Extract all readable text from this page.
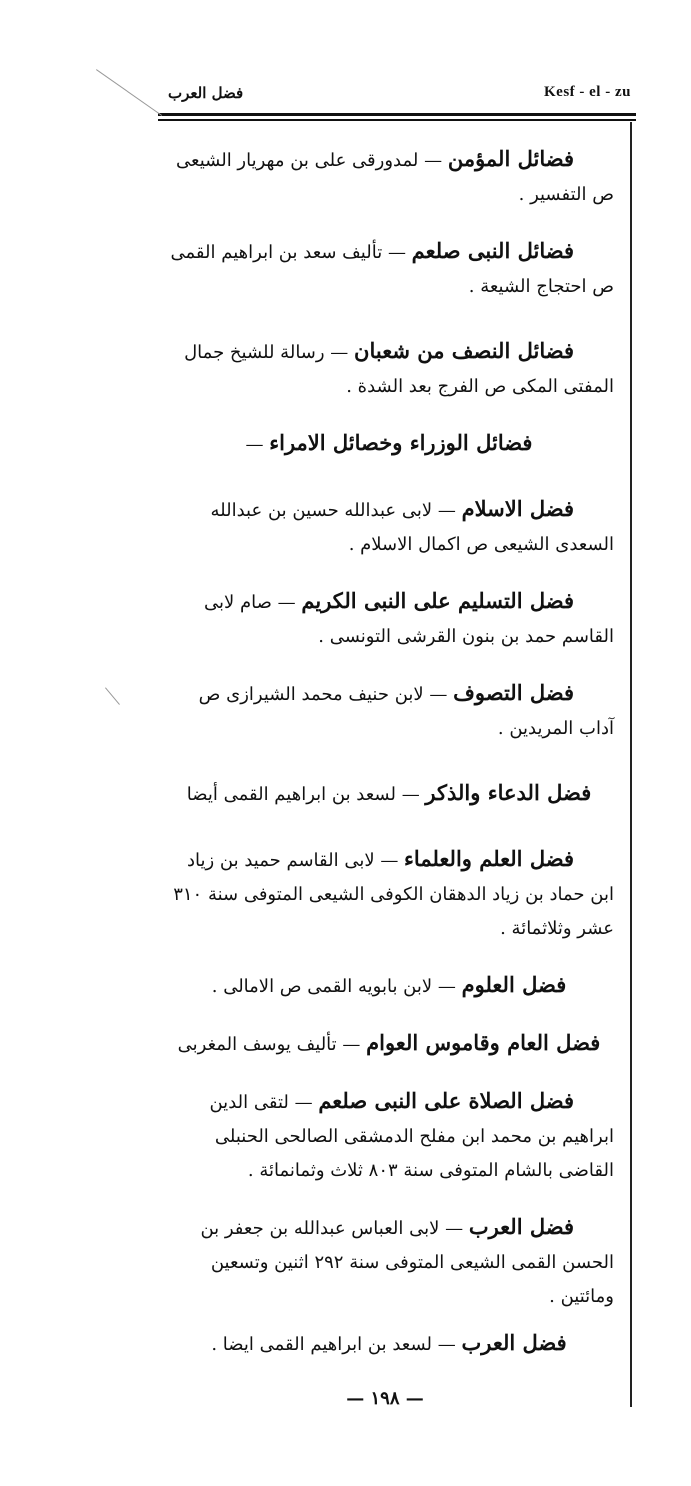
فضل العرب	Kesf - el - zu

فضائل المؤمن — لمدورقى على بن مهريار الشيعى ص التفسير .

فضائل النبى صلعم — تأليف سعد بن ابراهيم القمى ص احتجاج الشيعة .

فضائل النصف من شعبان — رسالة للشيخ جمال المفتى المكى ص الفرج بعد الشدة .

فضائل الوزراء وخصائل الامراء —

فضل الاسلام — لابى عبدالله حسين بن عبدالله السعدى الشيعى ص اكمال الاسلام .

فضل التسليم على النبى الكريم — صام لابى القاسم حمد بن بنون القرشى التونسى .

فضل التصوف — لابن حنيف محمد الشيرازى ص آداب المريدين .

فضل الدعاء والذكر — لسعد بن ابراهيم القمى أيضا

فضل العلم والعلماء — لابى القاسم حميد بن زياد ابن حماد بن زياد الدهقان الكوفى الشيعى المتوفى سنة ٣١٠ عشر وثلاثمائة .

فضل العلوم — لابن بابويه القمى ص الامالى .

فضل العام وقاموس العوام — تأليف يوسف المغربى

فضل الصلاة على النبى صلعم — لتقى الدين ابراهيم بن محمد ابن مفلح الدمشقى الصالحى الحنبلى القاضى بالشام المتوفى سنة ٨٠٣ ثلاث وثمانمائة .

فضل العرب — لابى العباس عبدالله بن جعفر بن الحسن القمى الشيعى المتوفى سنة ٢٩٢ اثنين وتسعين ومائتين .

فضل العرب — لسعد بن ابراهيم القمى ايضا .

— ١٩٨ —
